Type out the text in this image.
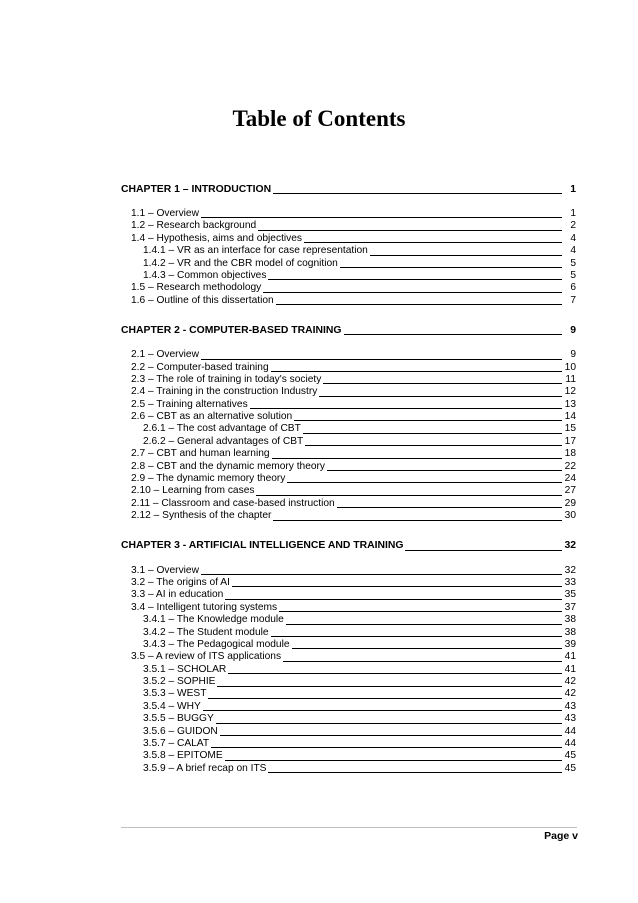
Table of Contents
CHAPTER 1 – INTRODUCTION	1
1.1 – Overview	1
1.2 – Research background	2
1.4 – Hypothesis, aims and objectives	4
1.4.1 – VR as an interface for case representation	4
1.4.2 – VR and the CBR model of cognition	5
1.4.3 – Common objectives	5
1.5 – Research methodology	6
1.6 – Outline of this dissertation	7
CHAPTER 2 - COMPUTER-BASED TRAINING	9
2.1 – Overview	9
2.2 – Computer-based training	10
2.3 – The role of training in today's society	11
2.4 – Training in the construction Industry	12
2.5 – Training alternatives	13
2.6 – CBT as an alternative solution	14
2.6.1 – The cost advantage of CBT	15
2.6.2 – General advantages of CBT	17
2.7 – CBT and human learning	18
2.8 – CBT and the dynamic memory theory	22
2.9 – The dynamic memory theory	24
2.10 – Learning from cases	27
2.11 – Classroom and case-based instruction	29
2.12 – Synthesis of the chapter	30
CHAPTER 3 - ARTIFICIAL INTELLIGENCE AND TRAINING	32
3.1 – Overview	32
3.2 – The origins of AI	33
3.3 – AI in education	35
3.4 – Intelligent tutoring systems	37
3.4.1 – The Knowledge module	38
3.4.2 – The Student module	38
3.4.3 – The Pedagogical module	39
3.5 – A review of ITS applications	41
3.5.1 – SCHOLAR	41
3.5.2 – SOPHIE	42
3.5.3 – WEST	42
3.5.4 – WHY	43
3.5.5 – BUGGY	43
3.5.6 – GUIDON	44
3.5.7 – CALAT	44
3.5.8 – EPITOME	45
3.5.9 – A brief recap on ITS	45
Page v
